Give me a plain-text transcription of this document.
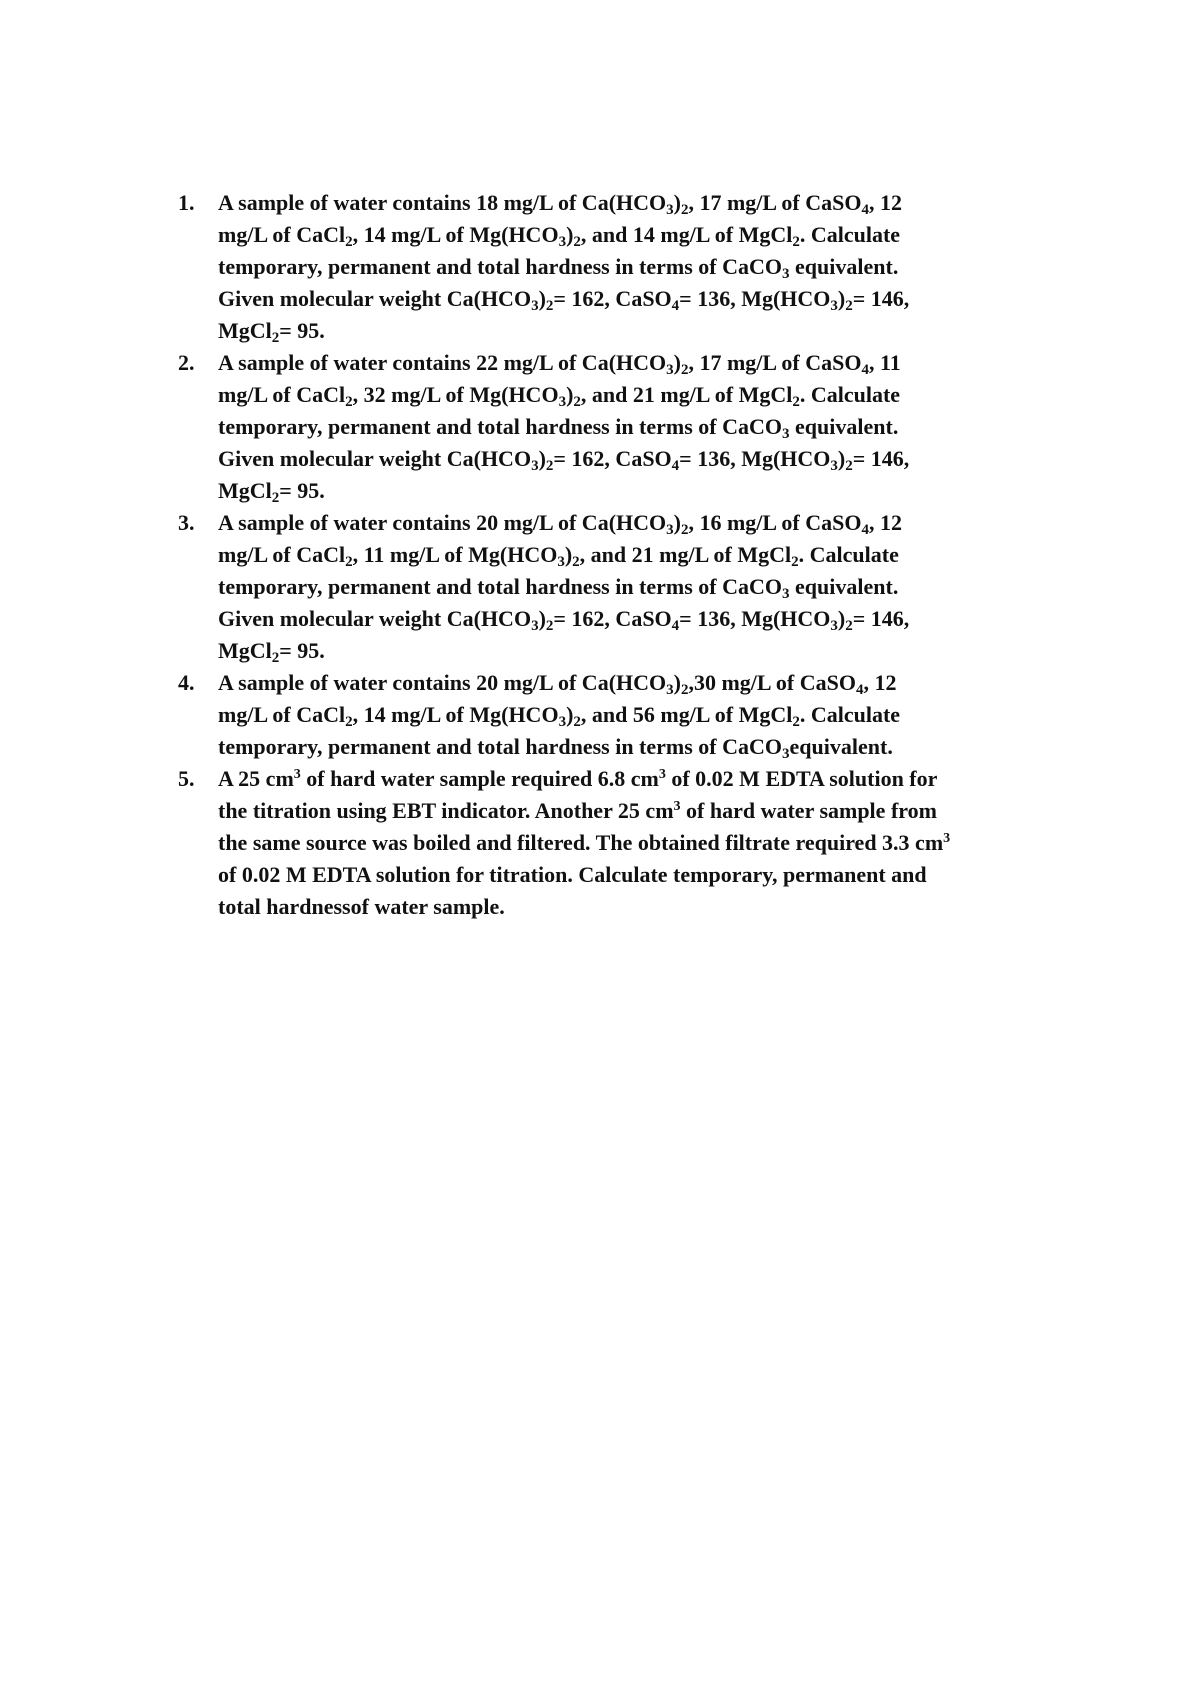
1.	A sample of water contains 18 mg/L of $Ca(HCO_3)_2$, 17 mg/L of CaSO$_4$, 12
mg/L of CaCl$_2$, 14 mg/L of $Mg(HCO_3)_2$, and 14 mg/L of MgCl$_2$. Calculate
temporary, permanent and total hardness in terms of CaCO$_3$ equivalent.
Given molecular weight $Ca(HCO_3)_2= 162$, CaSO$_4$= 136, $Mg(HCO_3)_2= 146$,
MgCl$_2$= 95.
2.	A sample of water contains 22 mg/L of $Ca(HCO_3)_2$, 17 mg/L of CaSO$_4$, 11
mg/L of CaCl$_2$, 32 mg/L of $Mg(HCO_3)_2$, and 21 mg/L of MgCl$_2$. Calculate
temporary, permanent and total hardness in terms of CaCO$_3$ equivalent.
Given molecular weight $Ca(HCO_3)_2= 162$, CaSO$_4$= 136, $Mg(HCO_3)_2= 146$,
MgCl$_2$= 95.
3.	A sample of water contains 20 mg/L of $Ca(HCO_3)_2$, 16 mg/L of CaSO$_4$, 12
mg/L of CaCl$_2$, 11 mg/L of $Mg(HCO_3)_2$, and 21 mg/L of MgCl$_2$. Calculate
temporary, permanent and total hardness in terms of CaCO$_3$ equivalent.
Given molecular weight $Ca(HCO_3)_2= 162$, CaSO$_4$= 136, $Mg(HCO_3)_2= 146$,
MgCl$_2$= 95.
4.	A sample of water contains 20 mg/L of $Ca(HCO_3)_2,30$ mg/L of CaSO$_4$, 12
mg/L of CaCl$_2$, 14 mg/L of $Mg(HCO_3)_2$, and 56 mg/L of MgCl$_2$. Calculate
temporary, permanent and total hardness in terms of CaCO$_3$equivalent.
5.	A 25 $cm^3$ of hard water sample required 6.8 $cm^3$ of 0.02 M EDTA solution for
the titration using EBT indicator. Another 25 $cm^3$ of hard water sample from
the same source was boiled and filtered. The obtained filtrate required 3.3 $cm^3$
of 0.02 M EDTA solution for titration. Calculate temporary, permanent and
total hardnessof water sample.
